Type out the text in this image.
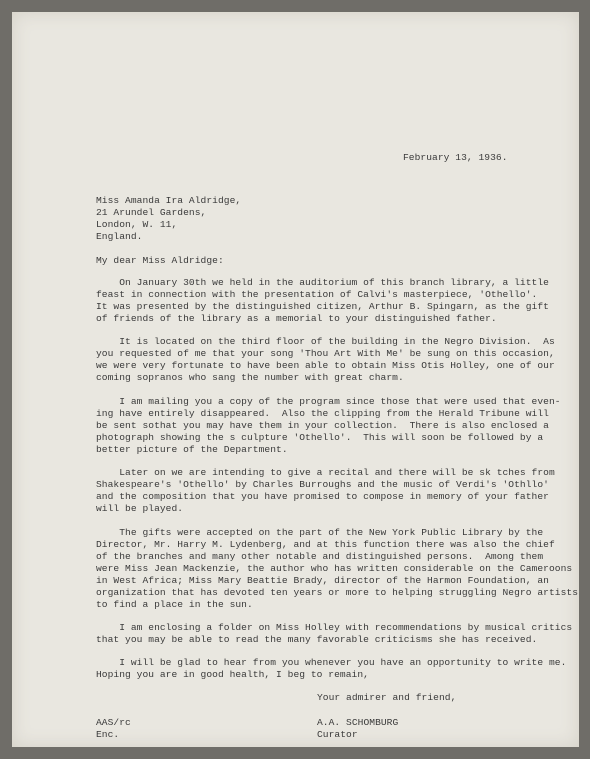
February 13, 1936.
Miss Amanda Ira Aldridge,
21 Arundel Gardens,
London, W. 11,
England.
My dear Miss Aldridge:
On January 30th we held in the auditorium of this branch library, a little
feast in connection with the presentation of Calvi's masterpiece, 'Othello'.
It was presented by the distinguished citizen, Arthur B. Spingarn, as the gift
of friends of the library as a memorial to your distinguished father.
It is located on the third floor of the building in the Negro Division.  As
you requested of me that your song 'Thou Art With Me' be sung on this occasion,
we were very fortunate to have been able to obtain Miss Otis Holley, one of our
coming sopranos who sang the number with great charm.
I am mailing you a copy of the program since those that were used that even-
ing have entirely disappeared.  Also the clipping from the Herald Tribune will
be sent sothat you may have them in your collection.  There is also enclosed a
photograph showing the s culpture 'Othello'.  This will soon be followed by a
better picture of the Department.
Later on we are intending to give a recital and there will be sk tches from
Shakespeare's 'Othello' by Charles Burroughs and the music of Verdi's 'Othllo'
and the composition that you have promised to compose in memory of your father
will be played.
The gifts were accepted on the part of the New York Public Library by the
Director, Mr. Harry M. Lydenberg, and at this function there was also the chief
of the branches and many other notable and distinguished persons.  Among them
were Miss Jean Mackenzie, the author who has written considerable on the Cameroons
in West Africa; Miss Mary Beattie Brady, director of the Harmon Foundation, an
organization that has devoted ten years or more to helping struggling Negro artists
to find a place in the sun.
I am enclosing a folder on Miss Holley with recommendations by musical critics
that you may be able to read the many favorable criticisms she has received.
I will be glad to hear from you whenever you have an opportunity to write me.
Hoping you are in good health, I beg to remain,
Your admirer and friend,
AAS/rc
Enc.
A.A. SCHOMBURG
Curator
